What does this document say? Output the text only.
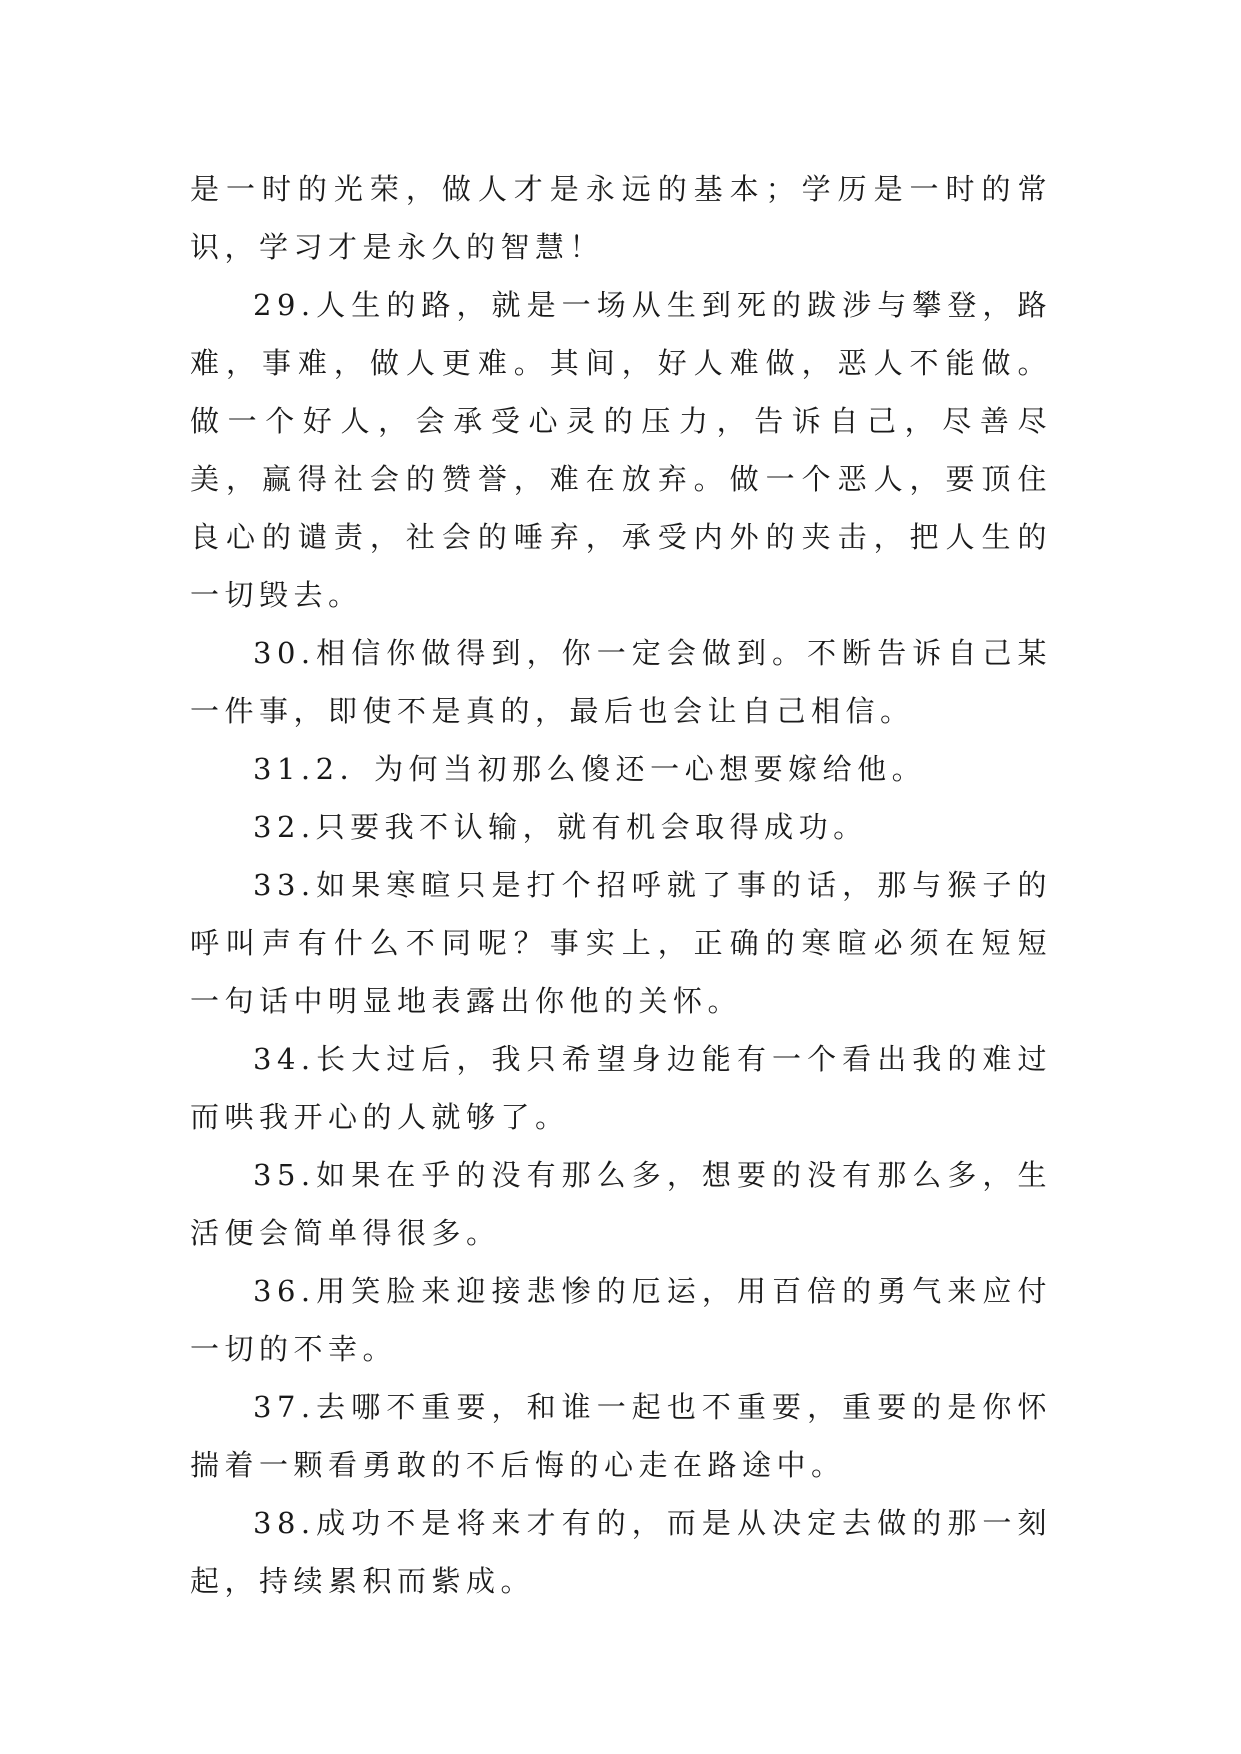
是一时的光荣，做人才是永远的基本；学历是一时的常识，学习才是永久的智慧！

29.人生的路，就是一场从生到死的跋涉与攀登，路难，事难，做人更难。其间，好人难做，恶人不能做。做一个好人，会承受心灵的压力，告诉自己，尽善尽美，赢得社会的赞誉，难在放弃。做一个恶人，要顶住良心的谴责，社会的唾弃，承受内外的夹击，把人生的一切毁去。

30.相信你做得到，你一定会做到。不断告诉自己某一件事，即使不是真的，最后也会让自己相信。

31.2．为何当初那么傻还一心想要嫁给他。

32.只要我不认输，就有机会取得成功。

33.如果寒暄只是打个招呼就了事的话，那与猴子的呼叫声有什么不同呢？事实上，正确的寒暄必须在短短一句话中明显地表露出你他的关怀。

34.长大过后，我只希望身边能有一个看出我的难过而哄我开心的人就够了。

35.如果在乎的没有那么多，想要的没有那么多，生活便会简单得很多。

36.用笑脸来迎接悲惨的厄运，用百倍的勇气来应付一切的不幸。

37.去哪不重要，和谁一起也不重要，重要的是你怀揣着一颗看勇敢的不后悔的心走在路途中。

38.成功不是将来才有的，而是从决定去做的那一刻起，持续累积而紫成。
